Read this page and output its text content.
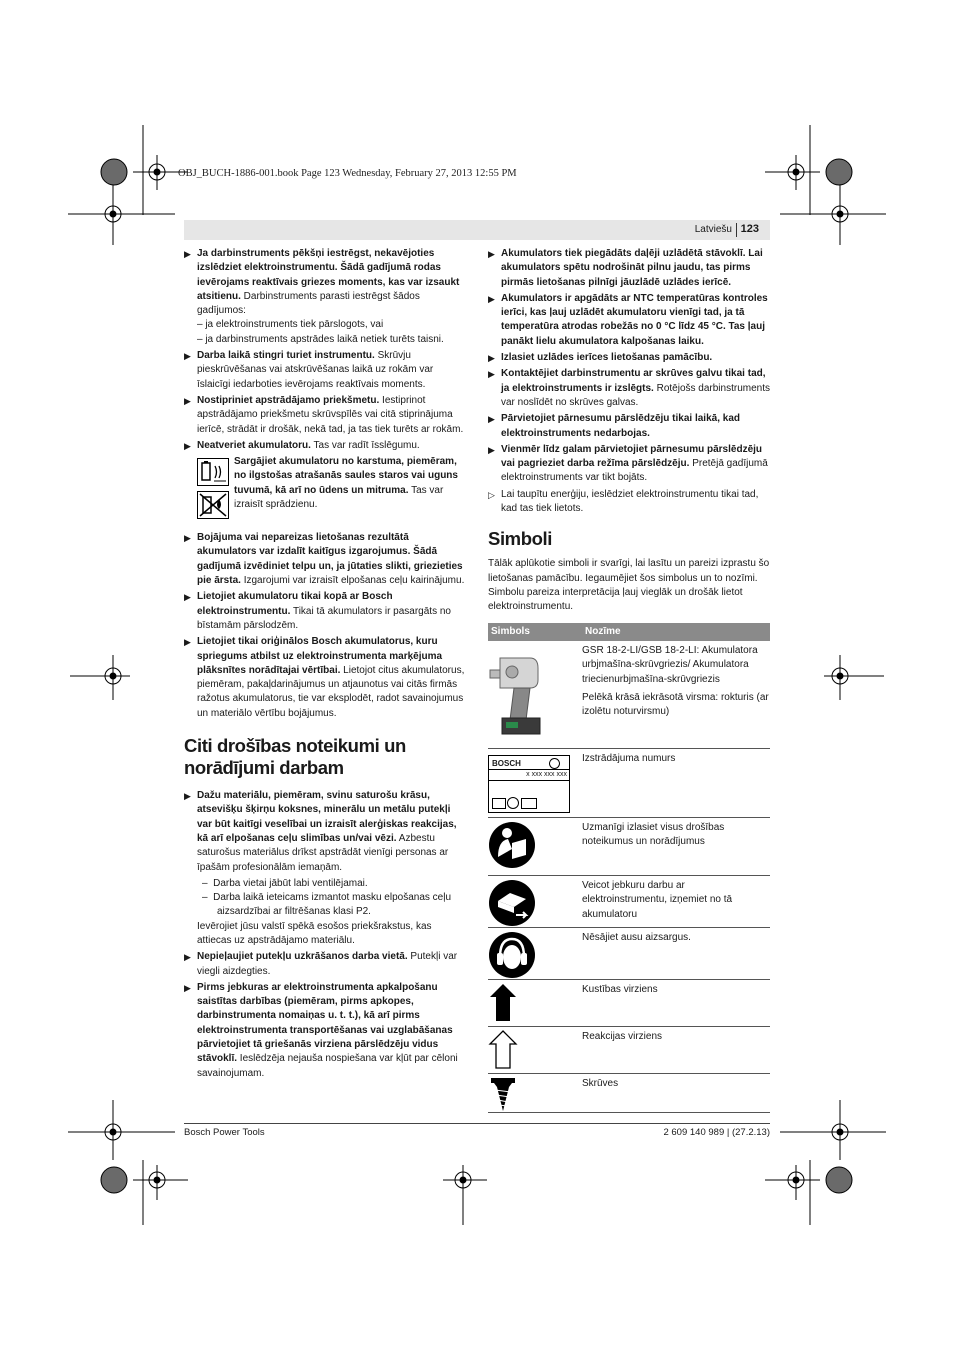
OBJ_BUCH-1886-001.book Page 123 Wednesday, February 27, 2013 12:55 PM
Latviešu 123

▶ Ja darbinstruments pēkšņi iestrēgst, nekavējoties izslēdziet elektroinstrumentu. Šādā gadījumā rodas ievērojams reaktīvais griezes moments, kas var izsaukt atsitienu. Darbinstruments parasti iestrēgst šādos gadījumos:

– ja elektroinstruments tiek pārslogots, vai

– ja darbinstruments apstrādes laikā netiek turēts taisni.

▶ Darba laikā stingri turiet instrumentu. Skrūvju pieskrūvēšanas vai atskrūvēšanas laikā uz rokām var īslaicīgi iedarboties ievērojams reaktīvais moments.

▶ Nostipriniet apstrādājamo priekšmetu. Iestiprinot apstrādājamo priekšmetu skrūvspīlēs vai citā stiprinājuma ierīcē, strādāt ir drošāk, nekā tad, ja tas tiek turēts ar rokām.

▶ Neatveriet akumulatoru. Tas var radīt īsslēgumu.

Sargājiet akumulatoru no karstuma, piemēram, no ilgstošas atrašanās saules staros vai uguns tuvumā, kā arī no ūdens un mitruma. Tas var izraisīt sprādzienu.

▶ Bojājuma vai nepareizas lietošanas rezultātā akumulators var izdalīt kaitīgus izgarojumus. Šādā gadījumā izvēdiniet telpu un, ja jūtaties slikti, griezieties pie ārsta. Izgarojumi var izraisīt elpošanas ceļu kairinājumu.

▶ Lietojiet akumulatoru tikai kopā ar Bosch elektroinstrumentu. Tikai tā akumulators ir pasargāts no bīstamām pārslodzēm.

▶ Lietojiet tikai oriģinālos Bosch akumulatorus, kuru spriegums atbilst uz elektroinstrumenta marķējuma plāksnītes norādītajai vērtībai. Lietojot citus akumulatorus, piemēram, pakaļdarinājumus un atjaunotus vai citās firmās ražotus akumulatorus, tie var eksplodēt, radot savainojumus un materiālo vērtību bojājumus.

Citi drošības noteikumi un norādījumi darbam

▶ Dažu materiālu, piemēram, svinu saturošu krāsu, atsevišķu šķirņu koksnes, minerālu un metālu putekļi var būt kaitīgi veselībai un izraisīt alerģiskas reakcijas, kā arī elpošanas ceļu slimības un/vai vēzi. Azbestu saturošus materiālus drīkst apstrādāt vienīgi personas ar īpašām profesionālām iemaņām.

–  Darba vietai jābūt labi ventilējamai.

–  Darba laikā ieteicams izmantot masku elpošanas ceļu aizsardzībai ar filtrēšanas klasi P2.

Ievērojiet jūsu valstī spēkā esošos priekšrakstus, kas attiecas uz apstrādājamo materiālu.

▶ Nepieļaujiet putekļu uzkrāšanos darba vietā. Putekļi var viegli aizdegties.

▶ Pirms jebkuras ar elektroinstrumenta apkalpošanu saistītas darbības (piemēram, pirms apkopes, darbinstrumenta nomaiņas u. t. t.), kā arī pirms elektroinstrumenta transportēšanas vai uzglabāšanas pārvietojiet tā griešanās virziena pārslēdzēju vidus stāvoklī. Ieslēdzēja nejauša nospiešana var kļūt par cēloni savainojumam.

▶ Akumulators tiek piegādāts daļēji uzlādētā stāvoklī. Lai akumulators spētu nodrošināt pilnu jaudu, tas pirms pirmās lietošanas pilnīgi jāuzlādē uzlādes ierīcē.

▶ Akumulators ir apgādāts ar NTC temperatūras kontroles ierīci, kas ļauj uzlādēt akumulatoru vienīgi tad, ja tā temperatūra atrodas robežās no 0 °C līdz 45 °C. Tas ļauj panākt lielu akumulatora kalpošanas laiku.

▶ Izlasiet uzlādes ierīces lietošanas pamācību.

▶ Kontaktējiet darbinstrumentu ar skrūves galvu tikai tad, ja elektroinstruments ir izslēgts. Rotējošs darbinstruments var noslīdēt no skrūves galvas.

▶ Pārvietojiet pārnesumu pārslēdzēju tikai laikā, kad elektroinstruments nedarbojas.

▶ Vienmēr līdz galam pārvietojiet pārnesumu pārslēdzēju vai pagrieziet darba režīma pārslēdzēju. Pretējā gadījumā elektroinstruments var tikt bojāts.

▷ Lai taupītu enerģiju, ieslēdziet elektroinstrumentu tikai tad, kad tas tiek lietots.

Simboli

Tālāk aplūkotie simboli ir svarīgi, lai lasītu un pareizi izprastu šo lietošanas pamācību. Iegaumējiet šos simbolus un to nozīmi. Simbolu pareiza interpretācija ļauj vieglāk un drošāk lietot elektroinstrumentu.

Simbols	Nozīme

GSR 18-2-LI/GSB 18-2-LI: Akumulatora urbjmašīna-skrūvgriezis/ Akumulatora triecienurbjmašīna-skrūvgriezis

Pelēkā krāsā iekrāsotā virsma: rokturis (ar izolētu noturvirsmu)

BOSCH
x xxx xxx xxx
Izstrādājuma numurs
Uzmanīgi izlasiet visus drošības noteikumus un norādījumus
Veicot jebkuru darbu ar elektroinstrumentu, izņemiet no tā akumulatoru
Nēsājiet ausu aizsargus.
Kustības virziens
Reakcijas virziens
Skrūves
Bosch Power Tools	2 609 140 989 | (27.2.13)
